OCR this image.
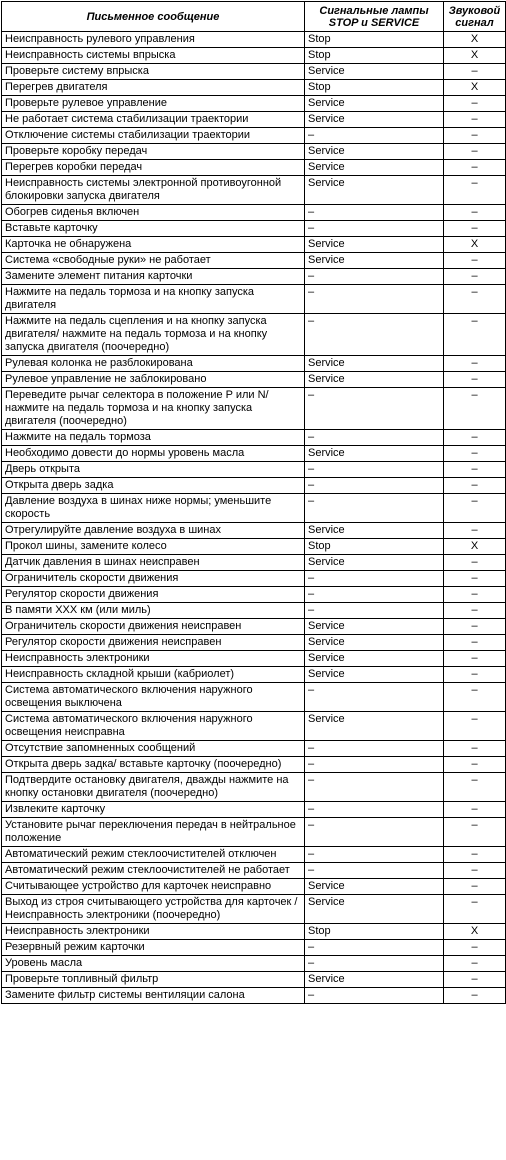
Письменное сообщение	Сигнальные лампы STOP и SERVICE	Звуковой сигнал
Неисправность рулевого управления	Stop	X
Неисправность системы впрыска	Stop	X
Проверьте систему впрыска	Service	–
Перегрев двигателя	Stop	X
Проверьте рулевое управление	Service	–
Не работает система стабилизации траектории	Service	–
Отключение системы стабилизации траектории	–	–
Проверьте коробку передач	Service	–
Перегрев коробки передач	Service	–
Неисправность системы электронной противоугонной блокировки запуска двигателя	Service	–
Обогрев сиденья включен	–	–
Вставьте карточку	–	–
Карточка не обнаружена	Service	X
Система «свободные руки» не работает	Service	–
Замените элемент питания карточки	–	–
Нажмите на педаль тормоза и на кнопку запуска двигателя	–	–
Нажмите на педаль сцепления и на кнопку запуска двигателя/ нажмите на педаль тормоза и на кнопку запуска двигателя (поочередно)	–	–
Рулевая колонка не разблокирована	Service	–
Рулевое управление не заблокировано	Service	–
Переведите рычаг селектора в положение P или N/ нажмите на педаль тормоза и на кнопку запуска двигателя (поочередно)	–	–
Нажмите на педаль тормоза	–	–
Необходимо довести до нормы уровень масла	Service	–
Дверь открыта	–	–
Открыта дверь задка	–	–
Давление воздуха в шинах ниже нормы; уменьшите скорость	–	–
Отрегулируйте давление воздуха в шинах	Service	–
Прокол шины, замените колесо	Stop	X
Датчик давления в шинах неисправен	Service	–
Ограничитель скорости движения	–	–
Регулятор скорости движения	–	–
В памяти XXX км (или миль)	–	–
Ограничитель скорости движения неисправен	Service	–
Регулятор скорости движения неисправен	Service	–
Неисправность электроники	Service	–
Неисправность складной крыши (кабриолет)	Service	–
Система автоматического включения наружного освещения выключена	–	–
Система автоматического включения наружного освещения неисправна	Service	–
Отсутствие запомненных сообщений	–	–
Открыта дверь задка/ вставьте карточку (поочередно)	–	–
Подтвердите остановку двигателя, дважды нажмите на кнопку остановки двигателя (поочередно)	–	–
Извлеките карточку	–	–
Установите рычаг переключения передач в нейтральное положение	–	–
Автоматический режим стеклоочистителей отключен	–	–
Автоматический режим стеклоочистителей не работает	–	–
Считывающее устройство для карточек неисправно	Service	–
Выход из строя считывающего устройства для карточек / Неисправность электроники (поочередно)	Service	–
Неисправность электроники	Stop	X
Резервный режим карточки	–	–
Уровень масла	–	–
Проверьте топливный фильтр	Service	–
Замените фильтр системы вентиляции салона	–	–
